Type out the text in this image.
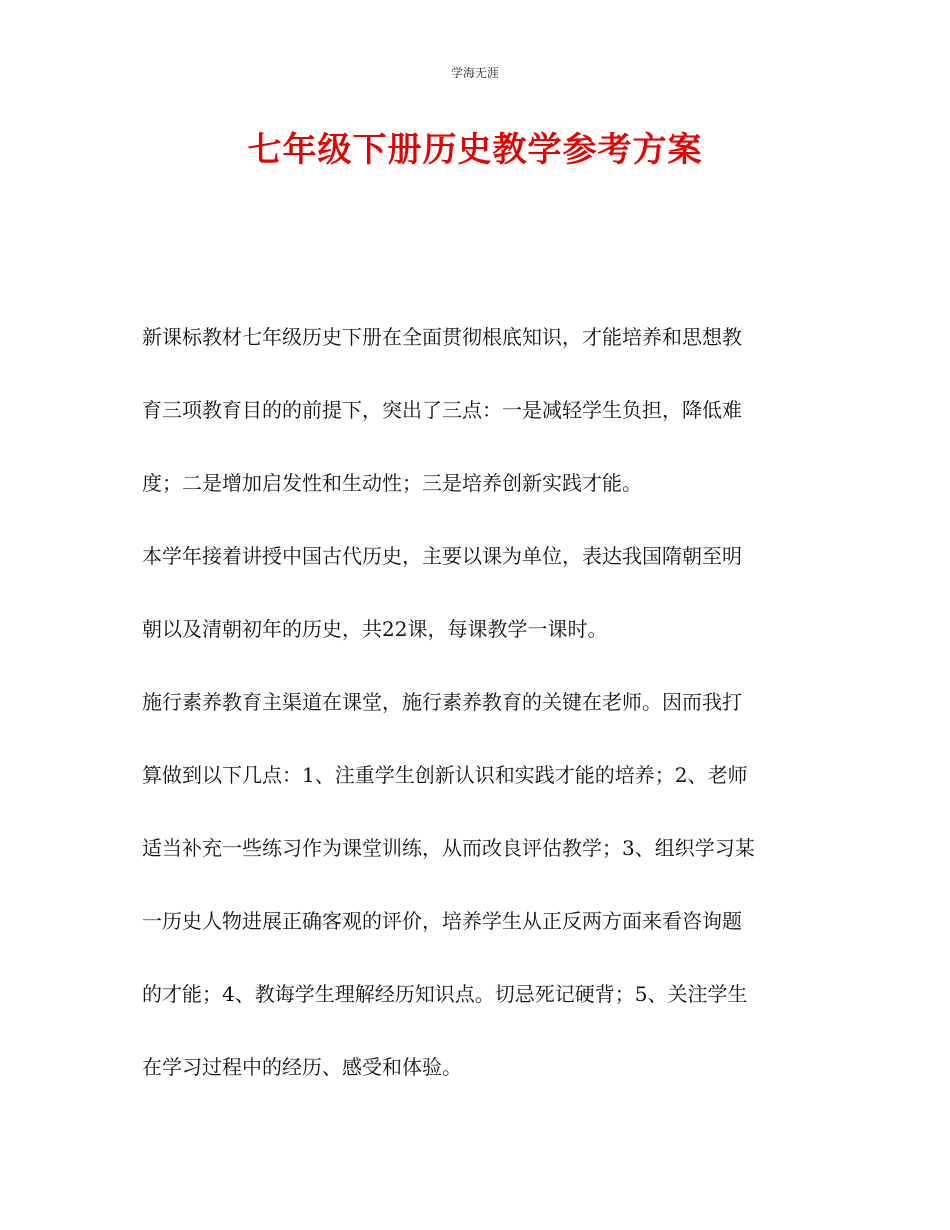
学海无涯
七年级下册历史教学参考方案
新课标教材七年级历史下册在全面贯彻根底知识，才能培养和思想教
育三项教育目的的前提下，突出了三点：一是减轻学生负担，降低难
度；二是增加启发性和生动性；三是培养创新实践才能。
本学年接着讲授中国古代历史，主要以课为单位，表达我国隋朝至明
朝以及清朝初年的历史，共22课，每课教学一课时。
施行素养教育主渠道在课堂，施行素养教育的关键在老师。因而我打
算做到以下几点：1、注重学生创新认识和实践才能的培养；2、老师
适当补充一些练习作为课堂训练，从而改良评估教学；3、组织学习某
一历史人物进展正确客观的评价，培养学生从正反两方面来看咨询题
的才能；4、教诲学生理解经历知识点。切忌死记硬背；5、关注学生
在学习过程中的经历、感受和体验。
